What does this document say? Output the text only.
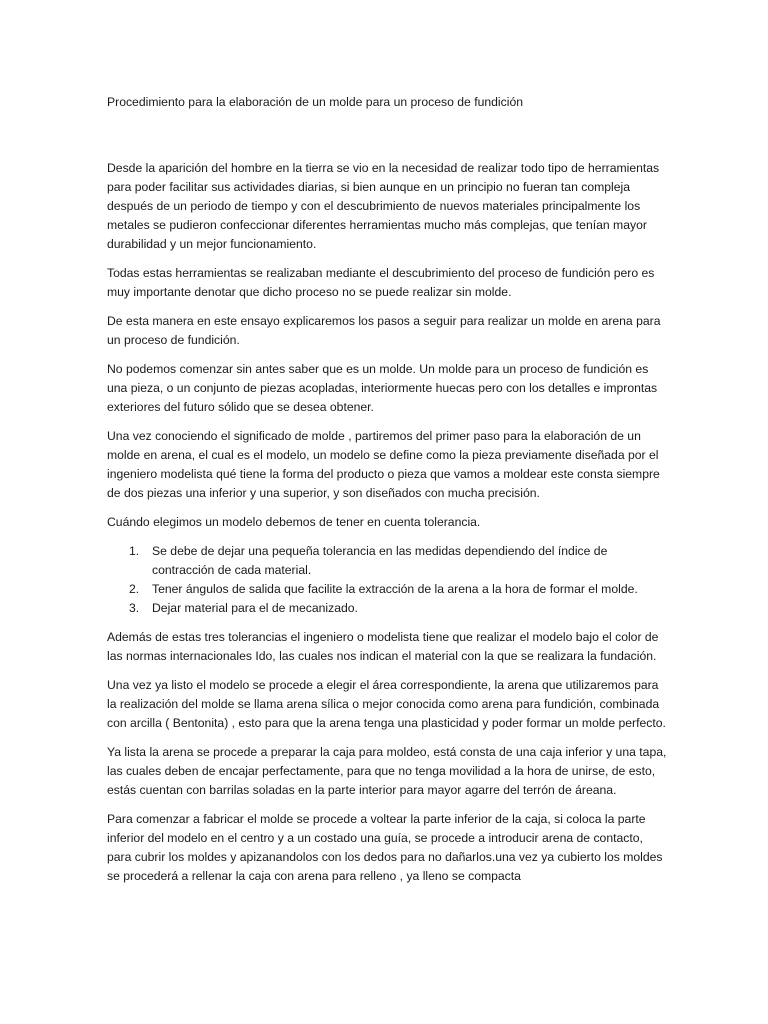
Procedimiento para la elaboración de un molde para un proceso de fundición

Desde la aparición del hombre en la tierra se vio en la necesidad de realizar todo tipo de herramientas para poder facilitar sus actividades diarias, si bien aunque en un principio no fueran tan compleja después de un periodo de tiempo y con el descubrimiento de nuevos materiales principalmente los metales se pudieron confeccionar diferentes herramientas mucho más complejas, que tenían mayor durabilidad y un mejor funcionamiento.

Todas estas herramientas se realizaban mediante el descubrimiento del proceso de fundición pero es muy importante denotar que dicho proceso no se puede realizar sin molde.

De esta manera en este ensayo explicaremos los pasos a seguir para realizar un molde en arena para un proceso de fundición.

No podemos comenzar sin antes saber que es un molde. Un molde para un proceso de fundición es una pieza, o un conjunto de piezas acopladas, interiormente huecas pero con los detalles e improntas exteriores del futuro sólido que se desea obtener.

Una vez conociendo el significado de molde , partiremos del primer paso para la elaboración de un molde en arena, el cual es el modelo, un modelo se define como la pieza previamente diseñada por el ingeniero modelista qué tiene la forma del producto o pieza que vamos a moldear este consta siempre de dos piezas una inferior y una superior, y son diseñados con mucha precisión.

Cuándo elegimos un modelo debemos de tener en cuenta tolerancia.

1. Se debe de dejar una pequeña tolerancia en las medidas dependiendo del índice de contracción de cada material.
2. Tener ángulos de salida que facilite la extracción de la arena a la hora de formar el molde.
3. Dejar material para el de mecanizado.

Además de estas tres tolerancias el ingeniero o modelista tiene que realizar el modelo bajo el color de las normas internacionales Ido, las cuales nos indican el material con la que se realizara la fundación.

Una vez ya listo el modelo se procede a elegir el área correspondiente, la arena que utilizaremos para la realización del molde se llama arena sílica o mejor conocida como arena para fundición, combinada con arcilla ( Bentonita) , esto para que la arena tenga una plasticidad y poder formar un molde perfecto.

Ya lista la arena se procede a preparar la caja para moldeo, está consta de una caja inferior y una tapa, las cuales deben de encajar perfectamente, para que no tenga movilidad a la hora de unirse, de esto, estás cuentan con barrilas soladas en la parte interior para mayor agarre del terrón de áreana.

Para comenzar a fabricar el molde se procede a voltear la parte inferior de la caja, si coloca la parte inferior del modelo en el centro y a un costado una guía, se procede a introducir arena de contacto, para cubrir los moldes y apizanandolos con los dedos para no dañarlos.una vez ya cubierto los moldes se procederá a rellenar la caja con arena para relleno , ya lleno se compacta
